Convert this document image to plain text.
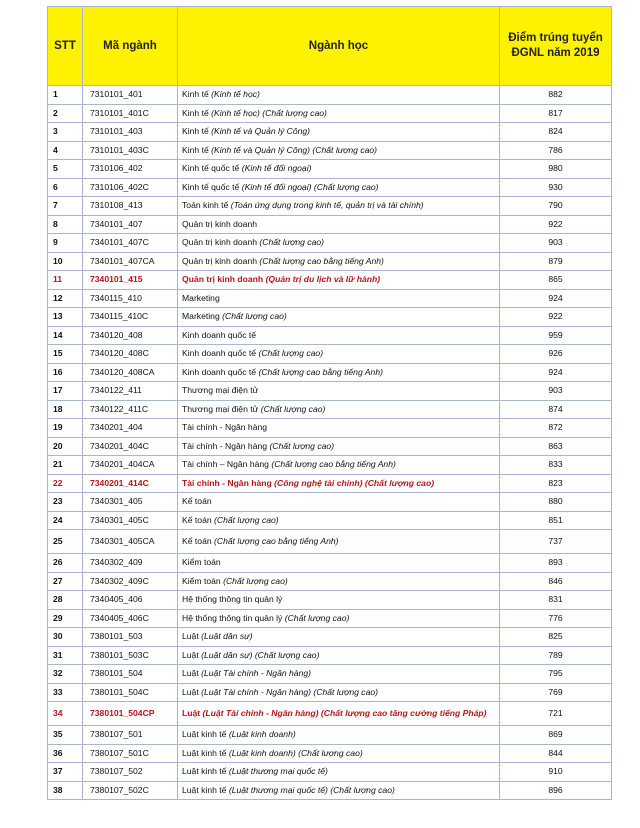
STT	Mã ngành	Ngành học	Điểm trúng tuyển
ĐGNL năm 2019

1	7310101_401	Kinh tế (Kinh tế học)	882
2	7310101_401C	Kinh tế (Kinh tế học) (Chất lượng cao)	817
3	7310101_403	Kinh tế (Kinh tế và Quản lý Công)	824
4	7310101_403C	Kinh tế (Kinh tế và Quản lý Công) (Chất lượng cao)	786
5	7310106_402	Kinh tế quốc tế (Kinh tế đối ngoại)	980
6	7310106_402C	Kinh tế quốc tế (Kinh tế đối ngoại) (Chất lượng cao)	930
7	7310108_413	Toán kinh tế (Toán ứng dụng trong kinh tế, quản trị và tài chính)	790
8	7340101_407	Quản trị kinh doanh	922
9	7340101_407C	Quản trị kinh doanh (Chất lượng cao)	903
10	7340101_407CA	Quản trị kinh doanh (Chất lượng cao bằng tiếng Anh)	879
11	7340101_415	Quản trị kinh doanh (Quản trị du lịch và lữ hành)	865
12	7340115_410	Marketing	924
13	7340115_410C	Marketing (Chất lượng cao)	922
14	7340120_408	Kinh doanh quốc tế	959
15	7340120_408C	Kinh doanh quốc tế (Chất lượng cao)	926
16	7340120_408CA	Kinh doanh quốc tế (Chất lượng cao bằng tiếng Anh)	924
17	7340122_411	Thương mại điện tử	903
18	7340122_411C	Thương mại điện tử (Chất lượng cao)	874
19	7340201_404	Tài chính - Ngân hàng	872
20	7340201_404C	Tài chính - Ngân hàng (Chất lượng cao)	863
21	7340201_404CA	Tài chính – Ngân hàng (Chất lượng cao bằng tiếng Anh)	833
22	7340201_414C	Tài chính - Ngân hàng (Công nghệ tài chính) (Chất lượng cao)	823
23	7340301_405	Kế toán	880
24	7340301_405C	Kế toán (Chất lượng cao)	851
25	7340301_405CA	Kế toán (Chất lượng cao bằng tiếng Anh)	737
26	7340302_409	Kiểm toán	893
27	7340302_409C	Kiểm toán (Chất lượng cao)	846
28	7340405_406	Hệ thống thông tin quản lý	831
29	7340405_406C	Hệ thống thông tin quản lý (Chất lượng cao)	776
30	7380101_503	Luật (Luật dân sự)	825
31	7380101_503C	Luật (Luật dân sự) (Chất lượng cao)	789
32	7380101_504	Luật (Luật Tài chính - Ngân hàng)	795
33	7380101_504C	Luật (Luật Tài chính - Ngân hàng) (Chất lượng cao)	769
34	7380101_504CP	Luật (Luật Tài chính - Ngân hàng) (Chất lượng cao tăng cường tiếng Pháp)	721
35	7380107_501	Luật kinh tế (Luật kinh doanh)	869
36	7380107_501C	Luật kinh tế (Luật kinh doanh) (Chất lượng cao)	844
37	7380107_502	Luật kinh tế (Luật thương mại quốc tế)	910
38	7380107_502C	Luật kinh tế (Luật thương mại quốc tế) (Chất lượng cao)	896
